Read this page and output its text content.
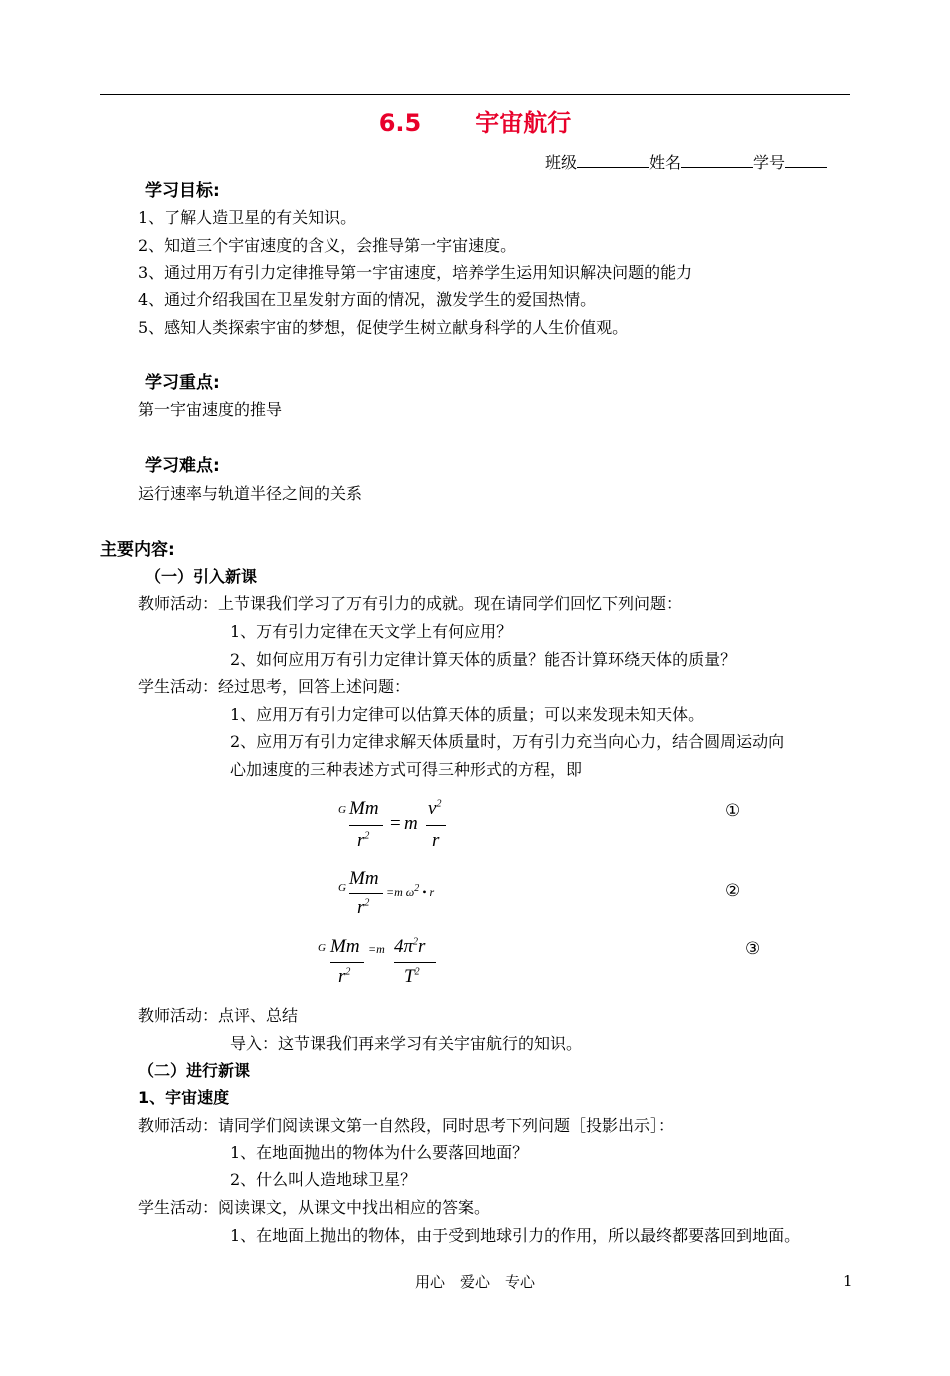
6.5 宇宙航行
班级	姓名	学号
学习目标:
1、了解人造卫星的有关知识。
2、知道三个宇宙速度的含义，会推导第一宇宙速度。
3、通过用万有引力定律推导第一宇宙速度，培养学生运用知识解决问题的能力
4、通过介绍我国在卫星发射方面的情况，激发学生的爱国热情。
5、感知人类探索宇宙的梦想，促使学生树立献身科学的人生价值观。
学习重点:
第一宇宙速度的推导
学习难点:
运行速率与轨道半径之间的关系
主要内容:
（一）引入新课
教师活动：上节课我们学习了万有引力的成就。现在请同学们回忆下列问题：
1、万有引力定律在天文学上有何应用？
2、如何应用万有引力定律计算天体的质量？能否计算环绕天体的质量？
学生活动：经过思考，回答上述问题：
1、应用万有引力定律可以估算天体的质量；可以来发现未知天体。
2、应用万有引力定律求解天体质量时，万有引力充当向心力，结合圆周运动向
心加速度的三种表述方式可得三种形式的方程，即
G Mm
$r^2$
= m
$v^2$
r
①
G Mm
$r^2$
=m $\omega^2$ • r	②
G Mm
$r^2$
=m $4\pi^2r$
$T^2$
③
教师活动：点评、总结
导入：这节课我们再来学习有关宇宙航行的知识。
（二）进行新课
1、宇宙速度
教师活动：请同学们阅读课文第一自然段，同时思考下列问题［投影出示］：
1、在地面抛出的物体为什么要落回地面？
2、什么叫人造地球卫星？
学生活动：阅读课文，从课文中找出相应的答案。
1、在地面上抛出的物体，由于受到地球引力的作用，所以最终都要落回到地面。
用心　爱心　专心	1
